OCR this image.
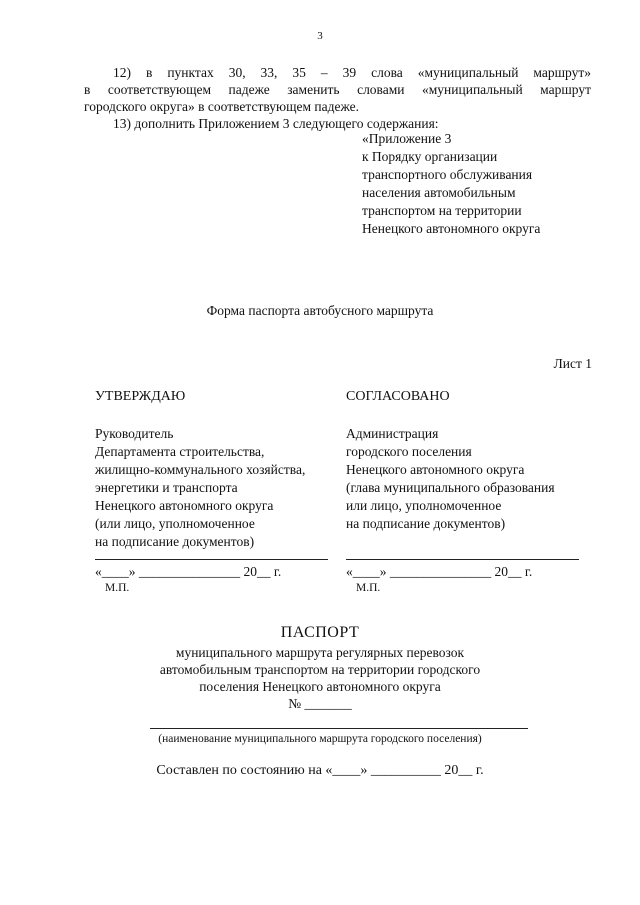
3
12) в пунктах 30, 33, 35 – 39 слова «муниципальный маршрут»
в соответствующем падеже заменить словами «муниципальный маршрут
городского округа» в соответствующем падеже.
13) дополнить Приложением 3 следующего содержания:
«Приложение 3
к Порядку организации
транспортного обслуживания
населения автомобильным
транспортом на территории
Ненецкого автономного округа
Форма паспорта автобусного маршрута
Лист 1
УТВЕРЖДАЮ
Руководитель
Департамента строительства,
жилищно-коммунального хозяйства,
энергетики и транспорта
Ненецкого автономного округа
(или лицо, уполномоченное
на подписание документов)
«____» _______________ 20__ г.
М.П.
СОГЛАСОВАНО
Администрация
городского поселения
Ненецкого автономного округа
(глава муниципального образования
или лицо, уполномоченное
на подписание документов)
«____» _______________ 20__ г.
М.П.
ПАСПОРТ
муниципального маршрута регулярных перевозок
автомобильным транспортом на территории городского
поселения Ненецкого автономного округа
№ _______
(наименование муниципального маршрута городского поселения)
Составлен по состоянию на «____» __________ 20__ г.
